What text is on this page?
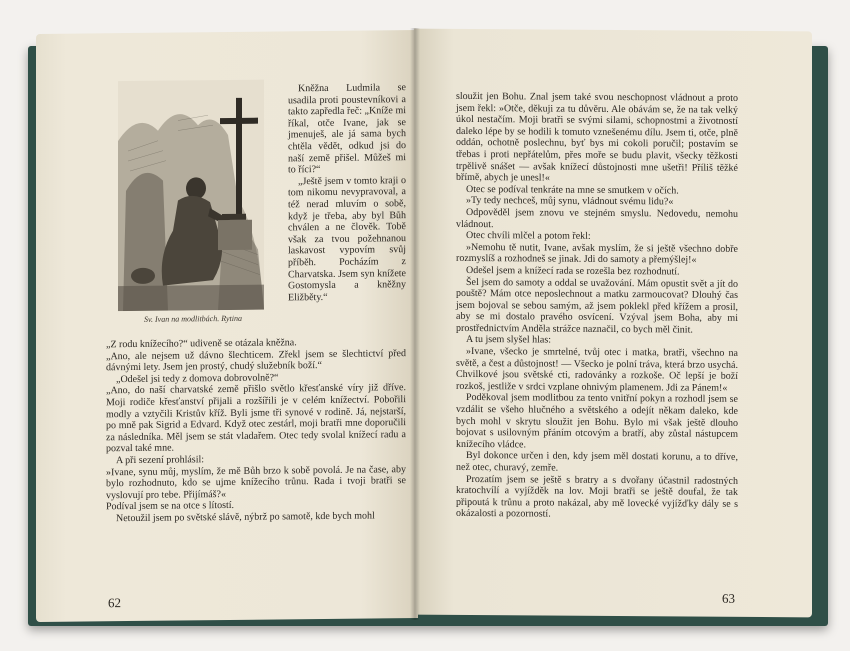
Sv. Ivan na modlitbách. Rytina

Kněžna Ludmila se usadila proti poustevníkovi a takto zapředla řeč: „Kníže mi říkal, otče Ivane, jak se jmenuješ, ale já sama bych chtěla vědět, odkud jsi do naší země přišel. Můžeš mi to říci?“

„Ještě jsem v tomto kraji o tom nikomu nevypravoval, a též nerad mluvím o sobě, když je třeba, aby byl Bůh chválen a ne člověk. Tobě však za tvou požehnanou laskavost vypovím svůj příběh. Pocházím z Charvatska. Jsem syn knížete Gostomysla a kněžny Eližběty.“

„Z rodu knížecího?“ udiveně se otázala kněžna.

„Ano, ale nejsem už dávno šlechticem. Zřekl jsem se šlechtictví před dávnými lety. Jsem jen prostý, chudý služebník boží.“

„Odešel jsi tedy z domova dobrovolně?“

„Ano, do naší charvatské země přišlo světlo křesťanské víry již dříve. Moji rodiče křesťanství přijali a rozšířili je v celém knížectví. Pobořili modly a vztyčili Kristův kříž. Byli jsme tři synové v rodině. Já, nejstarší, po mně pak Sigrid a Edvard. Když otec zestárl, moji bratři mne doporučili za následníka. Měl jsem se stát vladařem. Otec tedy svolal knížecí radu a pozval také mne.

A při sezení prohlásil:

»Ivane, synu můj, myslím, že mě Bůh brzo k sobě povolá. Je na čase, aby bylo rozhodnuto, kdo se ujme knížecího trůnu. Rada i tvoji bratři se vyslovují pro tebe. Přijímáš?«

Podíval jsem se na otce s lítostí.

Netoužil jsem po světské slávě, nýbrž po samotě, kde bych mohl

62

sloužit jen Bohu. Znal jsem také svou neschopnost vládnout a proto jsem řekl: »Otče, děkuji za tu důvěru. Ale obávám se, že na tak velký úkol nestačím. Moji bratři se svými silami, schopnostmi a životností daleko lépe by se hodili k tomuto vznešenému dílu. Jsem ti, otče, plně oddán, ochotně poslechnu, byť bys mi cokoli poručil; postavím se třebas i proti nepřátelům, přes moře se budu plavit, všecky těžkosti trpělivě snášet — avšak knížecí důstojnosti mne ušetři! Příliš těžké břímě, abych je unesl!«

Otec se podíval tenkráte na mne se smutkem v očích.

»Ty tedy nechceš, můj synu, vládnout svému lidu?«

Odpověděl jsem znovu ve stejném smyslu. Nedovedu, nemohu vládnout.

Otec chvíli mlčel a potom řekl:

»Nemohu tě nutit, Ivane, avšak myslím, že si ještě všechno dobře rozmyslíš a rozhodneš se jinak. Jdi do samoty a přemýšlej!«

Odešel jsem a knížecí rada se rozešla bez rozhodnutí.

Šel jsem do samoty a oddal se uvažování. Mám opustit svět a jít do pouště? Mám otce neposlechnout a matku zarmoucovat? Dlouhý čas jsem bojoval se sebou samým, až jsem poklekl před křížem a prosil, aby se mi dostalo pravého osvícení. Vzýval jsem Boha, aby mi prostřednictvím Anděla strážce naznačil, co bych měl činit.

A tu jsem slyšel hlas:

»Ivane, všecko je smrtelné, tvůj otec i matka, bratři, všechno na světě, a čest a důstojnost! — Všecko je polní tráva, která brzo usychá. Chvilkové jsou světské cti, radovánky a rozkoše. Oč lepší je boží rozkoš, jestliže v srdci vzplane ohnivým plamenem. Jdi za Pánem!«

Poděkoval jsem modlitbou za tento vnitřní pokyn a rozhodl jsem se vzdálit se všeho hlučného a světského a odejít někam daleko, kde bych mohl v skrytu sloužit jen Bohu. Bylo mi však ještě dlouho bojovat s usilovným přáním otcovým a bratří, aby zůstal nástupcem knížecího vládce.

Byl dokonce určen i den, kdy jsem měl dostati korunu, a to dříve, než otec, churavý, zemře.

Prozatím jsem se ještě s bratry a s dvořany účastnil radostných kratochvílí a vyjížděk na lov. Moji bratři se ještě doufal, že tak připoutá k trůnu a proto nakázal, aby mě lovecké vyjížďky dály se s okázalosti a pozorností.

63
